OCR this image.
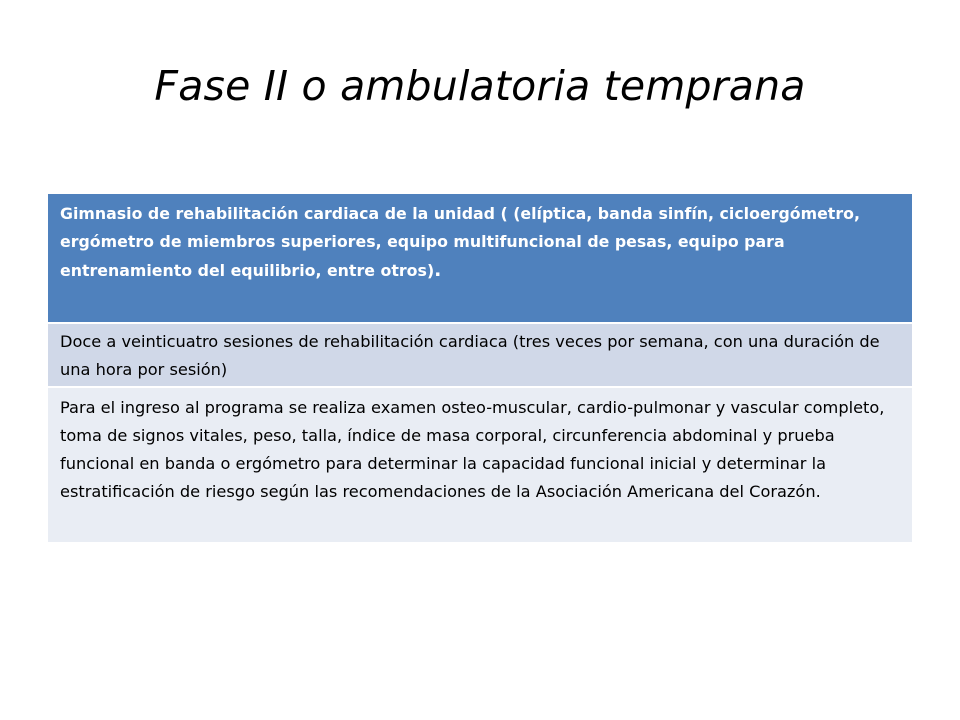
Fase II o ambulatoria temprana
Gimnasio de rehabilitación cardiaca de la unidad ( (elíptica, banda sinfín, cicloergómetro, ergómetro de miembros superiores, equipo multifuncional de pesas, equipo para entrenamiento del equilibrio, entre otros).
Doce a veinticuatro sesiones de rehabilitación cardiaca (tres veces por semana, con una duración de una hora por sesión)
Para el ingreso al programa se realiza examen osteo-muscular, cardio-pulmonar y vascular completo, toma de signos vitales, peso, talla, índice de masa corporal, circunferencia abdominal y prueba funcional en banda o ergómetro para determinar la capacidad funcional inicial y determinar la estratificación de riesgo según las recomendaciones de la Asociación Americana del Corazón.
